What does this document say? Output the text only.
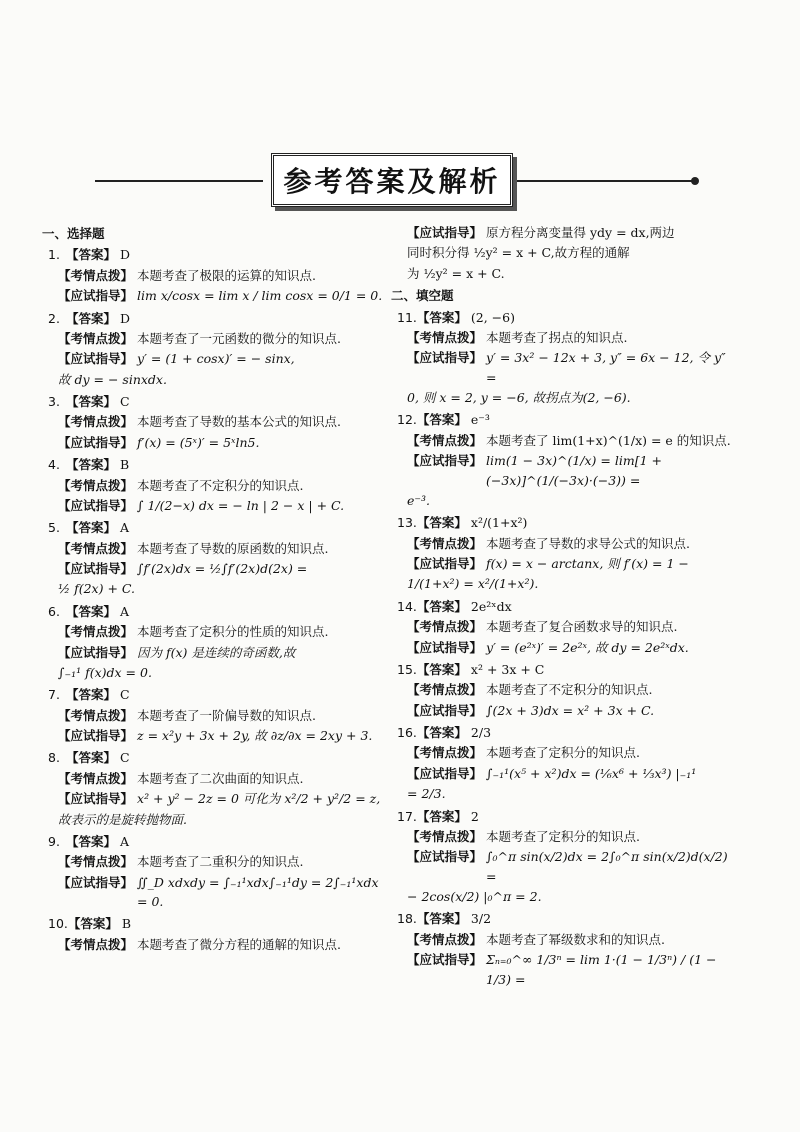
参考答案及解析
一、选择题
1. 【答案】 D
【考情点拨】 本题考查了极限的运算的知识点.
【应试指导】 lim x/cosx = lim x / lim cosx = 0/1 = 0.
2. 【答案】 D
【考情点拨】 本题考查了一元函数的微分的知识点.
【应试指导】 y′ = (1 + cosx)′ = − sinx,
故 dy = − sinxdx.
3. 【答案】 C
【考情点拨】 本题考查了导数的基本公式的知识点.
【应试指导】 f′(x) = (5ˣ)′ = 5ˣln5.
4. 【答案】 B
【考情点拨】 本题考查了不定积分的知识点.
【应试指导】 ∫ 1/(2−x) dx = − ln | 2 − x | + C.
5. 【答案】 A
【考情点拨】 本题考查了导数的原函数的知识点.
【应试指导】 ∫f′(2x)dx = ½∫f′(2x)d(2x) =
½ f(2x) + C.
6. 【答案】 A
【考情点拨】 本题考查了定积分的性质的知识点.
【应试指导】 因为 f(x) 是连续的奇函数,故
∫₋₁¹ f(x)dx = 0.
7. 【答案】 C
【考情点拨】 本题考查了一阶偏导数的知识点.
【应试指导】 z = x²y + 3x + 2y, 故 ∂z/∂x = 2xy + 3.
8. 【答案】 C
【考情点拨】 本题考查了二次曲面的知识点.
【应试指导】 x² + y² − 2z = 0 可化为 x²/2 + y²/2 = z,
故表示的是旋转抛物面.
9. 【答案】 A
【考情点拨】 本题考查了二重积分的知识点.
【应试指导】 ∬_D xdxdy = ∫₋₁¹xdx∫₋₁¹dy = 2∫₋₁¹xdx = 0.
10. 【答案】 B
【考情点拨】 本题考查了微分方程的通解的知识点.
【应试指导】 原方程分离变量得 ydy = dx,两边
同时积分得 ½y² = x + C,故方程的通解
为 ½y² = x + C.
二、填空题
11. 【答案】 (2, −6)
【考情点拨】 本题考查了拐点的知识点.
【应试指导】 y′ = 3x² − 12x + 3, y″ = 6x − 12, 令 y″ =
0, 则 x = 2, y = −6, 故拐点为(2, −6).
12. 【答案】 e⁻³
【考情点拨】 本题考查了 lim(1+x)^(1/x) = e 的知识点.
【应试指导】 lim(1 − 3x)^(1/x) = lim[1 + (−3x)]^(1/(−3x)·(−3)) =
e⁻³.
13. 【答案】 x²/(1+x²)
【考情点拨】 本题考查了导数的求导公式的知识点.
【应试指导】 f(x) = x − arctanx, 则 f′(x) = 1 −
1/(1+x²) = x²/(1+x²).
14. 【答案】 2e²ˣdx
【考情点拨】 本题考查了复合函数求导的知识点.
【应试指导】 y′ = (e²ˣ)′ = 2e²ˣ, 故 dy = 2e²ˣdx.
15. 【答案】 x² + 3x + C
【考情点拨】 本题考查了不定积分的知识点.
【应试指导】 ∫(2x + 3)dx = x² + 3x + C.
16. 【答案】 2/3
【考情点拨】 本题考查了定积分的知识点.
【应试指导】 ∫₋₁¹(x⁵ + x²)dx = (⅙x⁶ + ⅓x³) |₋₁¹
= 2/3.
17. 【答案】 2
【考情点拨】 本题考查了定积分的知识点.
【应试指导】 ∫₀^π sin(x/2)dx = 2∫₀^π sin(x/2)d(x/2) =
− 2cos(x/2) |₀^π = 2.
18. 【答案】 3/2
【考情点拨】 本题考查了幂级数求和的知识点.
【应试指导】 Σₙ₌₀^∞ 1/3ⁿ = lim 1·(1 − 1/3ⁿ) / (1 − 1/3) =
